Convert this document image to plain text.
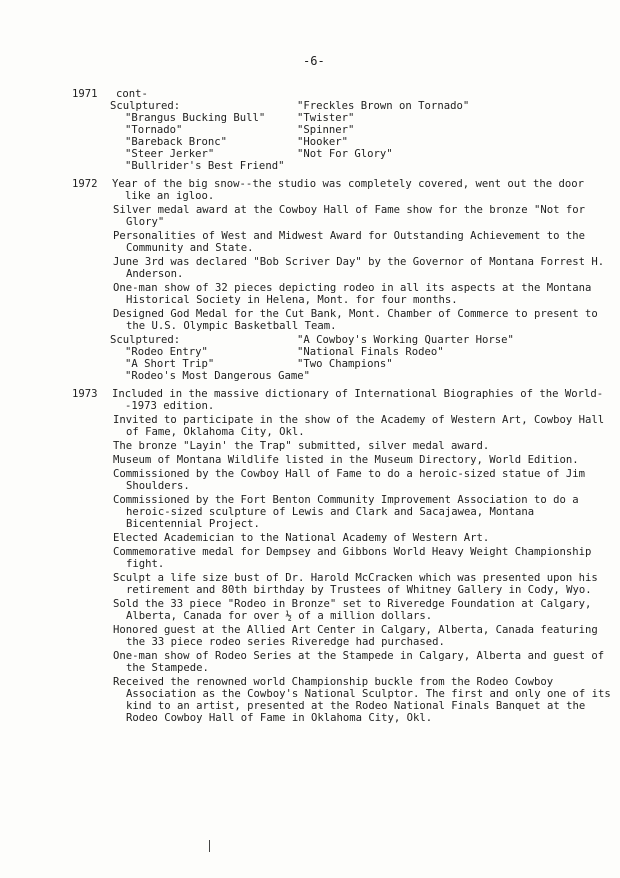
-6-
1971 cont-
Sculptured:	"Freckles Brown on Tornado"
"Brangus Bucking Bull"	"Twister"
"Tornado"	"Spinner"
"Bareback Bronc"	"Hooker"
"Steer Jerker"	"Not For Glory"
"Bullrider's Best Friend"
1972 Year of the big snow--the studio was completely covered, went out the door like an igloo.
Silver medal award at the Cowboy Hall of Fame show for the bronze "Not for Glory"
Personalities of West and Midwest Award for Outstanding Achievement to the Community and State.
June 3rd was declared "Bob Scriver Day" by the Governor of Montana Forrest H. Anderson.
One-man show of 32 pieces depicting rodeo in all its aspects at the Montana Historical Society in Helena, Mont. for four months.
Designed God Medal for the Cut Bank, Mont. Chamber of Commerce to present to the U.S. Olympic Basketball Team.
Sculptured:	"A Cowboy's Working Quarter Horse"
"Rodeo Entry"	"National Finals Rodeo"
"A Short Trip"	"Two Champions"
"Rodeo's Most Dangerous Game"
1973 Included in the massive dictionary of International Biographies of the World--1973 edition.
Invited to participate in the show of the Academy of Western Art, Cowboy Hall of Fame, Oklahoma City, Okl.
The bronze "Layin' the Trap" submitted, silver medal award.
Museum of Montana Wildlife listed in the Museum Directory, World Edition.
Commissioned by the Cowboy Hall of Fame to do a heroic-sized statue of Jim Shoulders.
Commissioned by the Fort Benton Community Improvement Association to do a heroic-sized sculpture of Lewis and Clark and Sacajawea, Montana Bicentennial Project.
Elected Academician to the National Academy of Western Art.
Commemorative medal for Dempsey and Gibbons World Heavy Weight Championship fight.
Sculpt a life size bust of Dr. Harold McCracken which was presented upon his retirement and 80th birthday by Trustees of Whitney Gallery in Cody, Wyo.
Sold the 33 piece "Rodeo in Bronze" set to Riveredge Foundation at Calgary, Alberta, Canada for over ½ of a million dollars.
Honored guest at the Allied Art Center in Calgary, Alberta, Canada featuring the 33 piece rodeo series Riveredge had purchased.
One-man show of Rodeo Series at the Stampede in Calgary, Alberta and guest of the Stampede.
Received the renowned world Championship buckle from the Rodeo Cowboy Association as the Cowboy's National Sculptor. The first and only one of its kind to an artist, presented at the Rodeo National Finals Banquet at the Rodeo Cowboy Hall of Fame in Oklahoma City, Okl.
